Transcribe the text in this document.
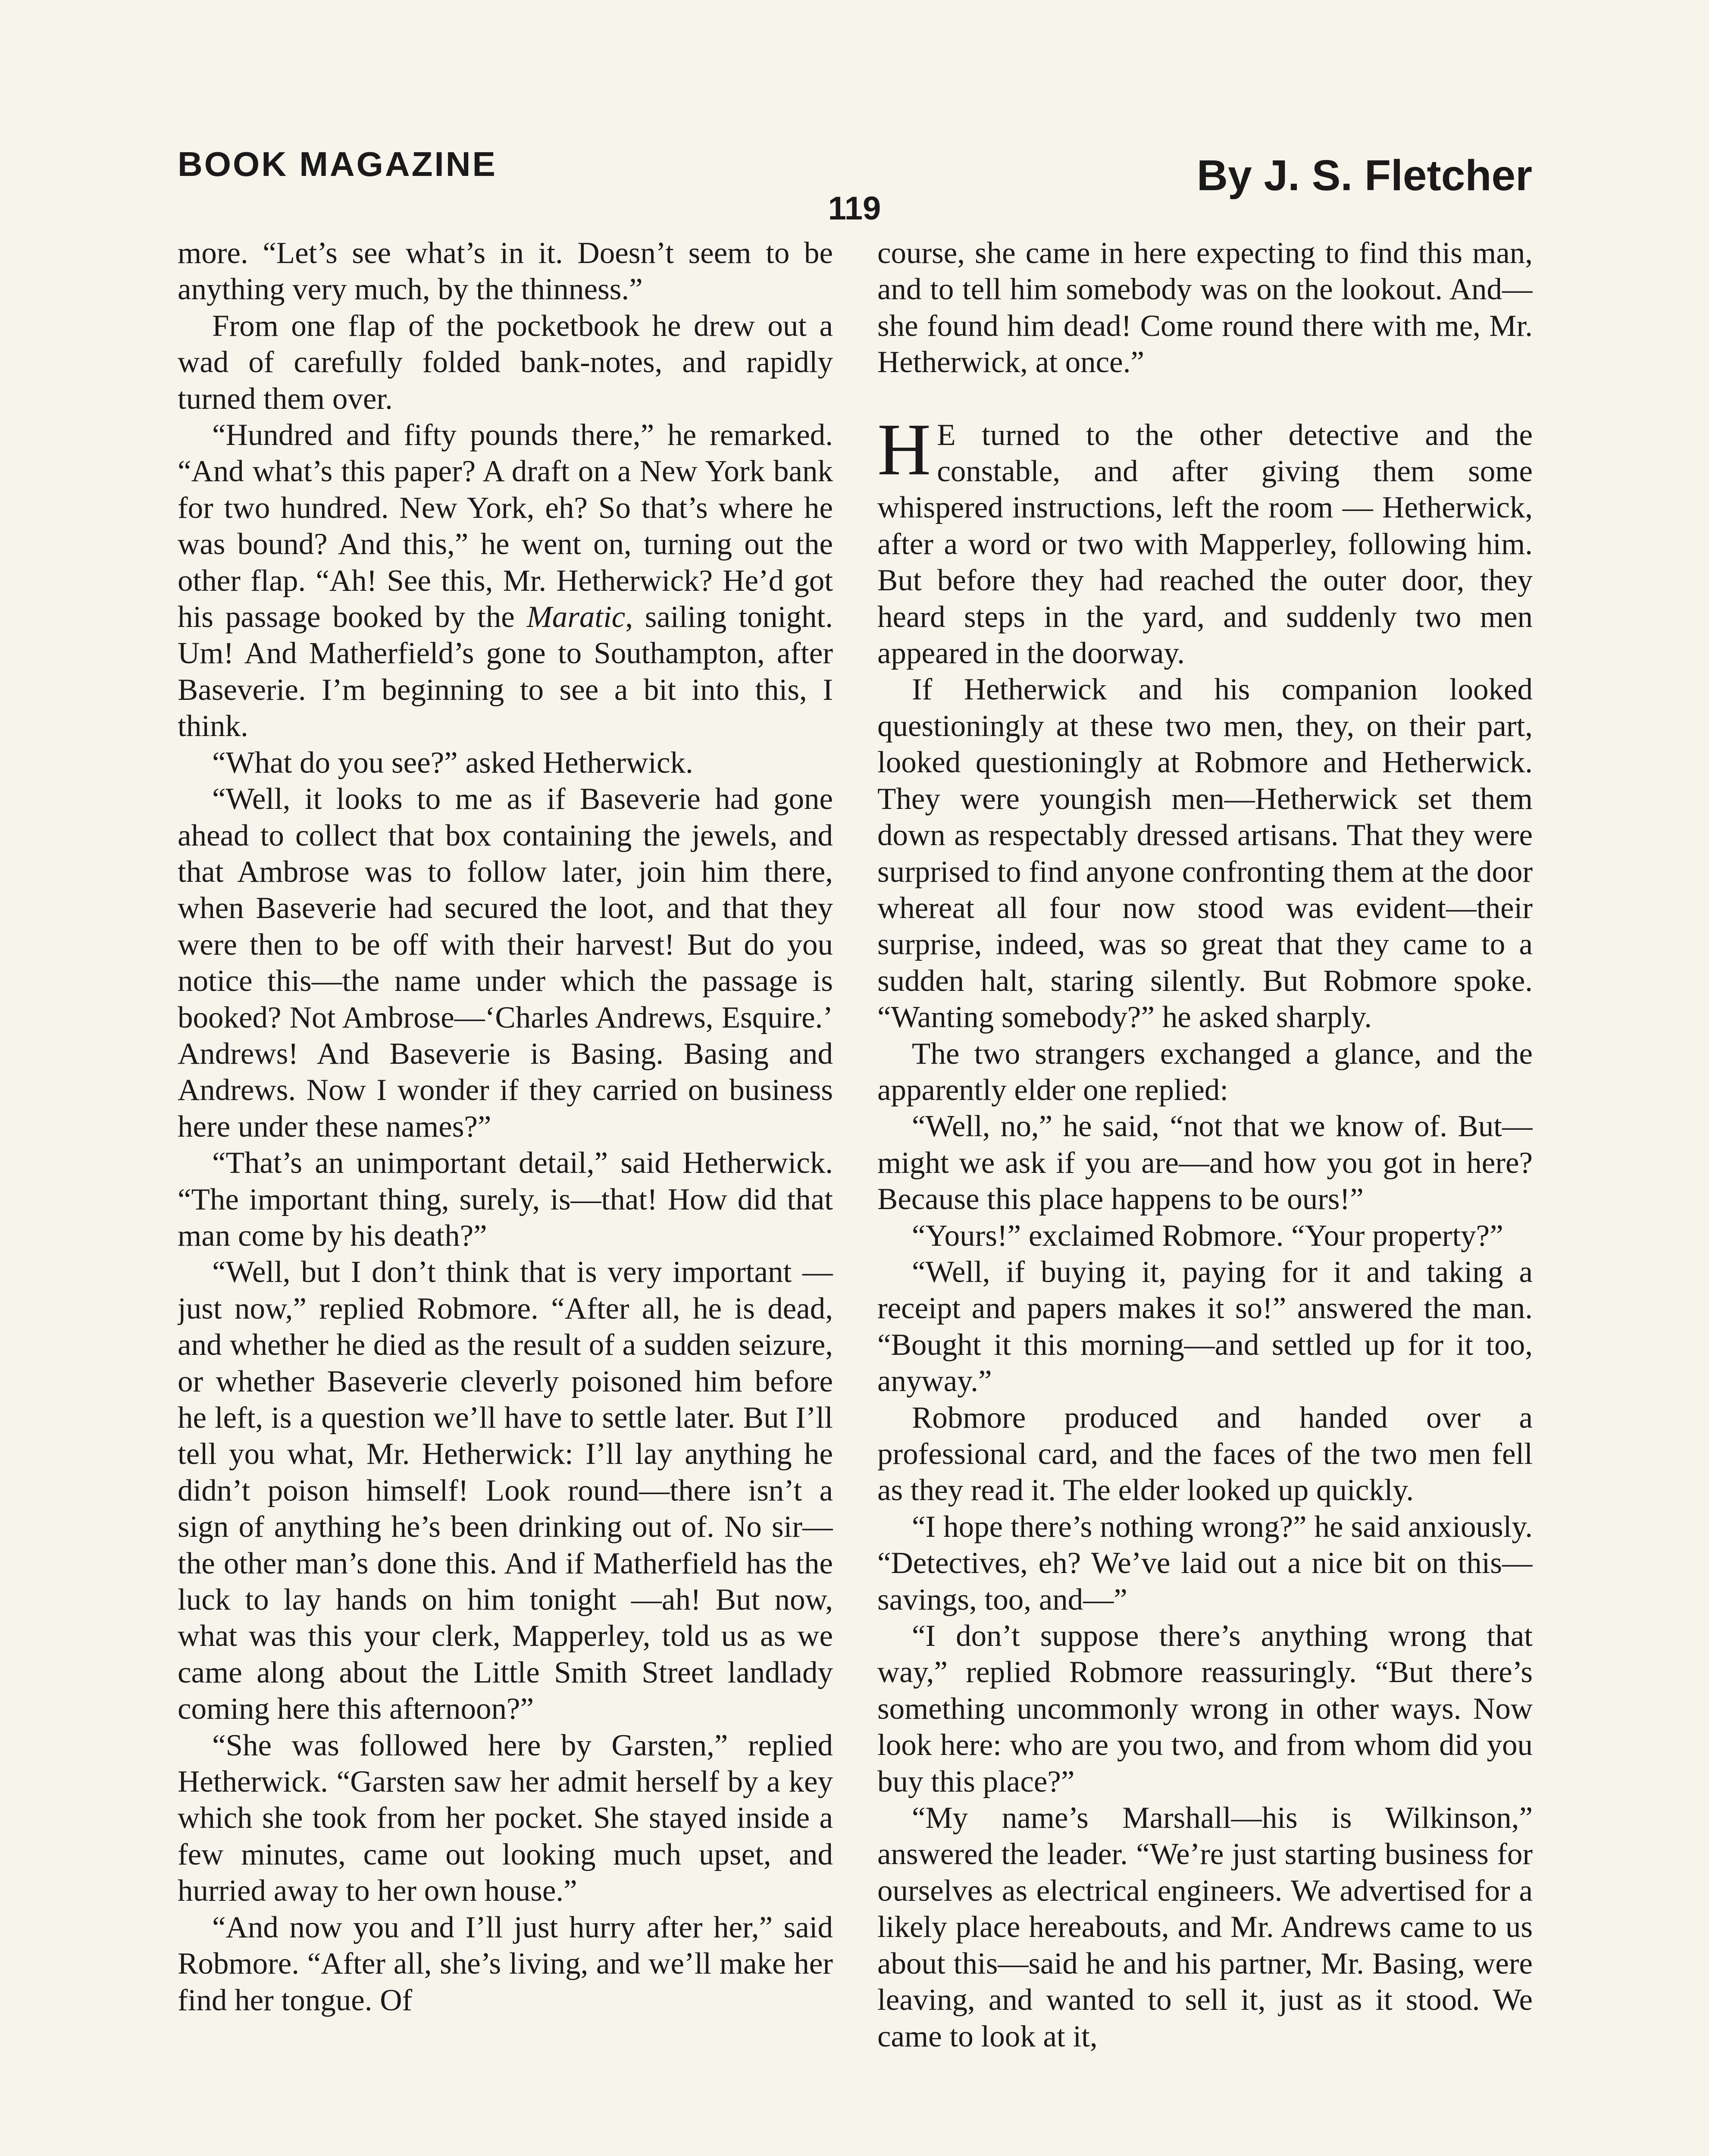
BOOK MAGAZINE	By J. S. Fletcher
119

more. “Let’s see what’s in it. Doesn’t seem to be anything very much, by the thinness.”

From one flap of the pocketbook he drew out a wad of carefully folded bank-notes, and rapidly turned them over.

“Hundred and fifty pounds there,” he remarked. “And what’s this paper? A draft on a New York bank for two hundred. New York, eh? So that’s where he was bound? And this,” he went on, turning out the other flap. “Ah! See this, Mr. Hetherwick? He’d got his passage booked by the Maratic, sailing tonight. Um! And Matherfield’s gone to Southampton, after Baseverie. I’m beginning to see a bit into this, I think.

“What do you see?” asked Hetherwick.

“Well, it looks to me as if Baseverie had gone ahead to collect that box containing the jewels, and that Ambrose was to follow later, join him there, when Baseverie had secured the loot, and that they were then to be off with their harvest! But do you notice this—the name under which the passage is booked? Not Ambrose—‘Charles Andrews, Esquire.’ Andrews! And Baseverie is Basing. Basing and Andrews. Now I wonder if they carried on business here under these names?”

“That’s an unimportant detail,” said Hetherwick. “The important thing, surely, is—that! How did that man come by his death?”

“Well, but I don’t think that is very important — just now,” replied Robmore. “After all, he is dead, and whether he died as the result of a sudden seizure, or whether Baseverie cleverly poisoned him before he left, is a question we’ll have to settle later. But I’ll tell you what, Mr. Hetherwick: I’ll lay anything he didn’t poison himself! Look round—there isn’t a sign of anything he’s been drinking out of. No sir—the other man’s done this. And if Matherfield has the luck to lay hands on him tonight —ah! But now, what was this your clerk, Mapperley, told us as we came along about the Little Smith Street landlady coming here this afternoon?”

“She was followed here by Garsten,” replied Hetherwick. “Garsten saw her admit herself by a key which she took from her pocket. She stayed inside a few minutes, came out looking much upset, and hurried away to her own house.”

“And now you and I’ll just hurry after her,” said Robmore. “After all, she’s living, and we’ll make her find her tongue. Of

course, she came in here expecting to find this man, and to tell him somebody was on the lookout. And—she found him dead! Come round there with me, Mr. Hetherwick, at once.”

H E turned to the other detective and the constable, and after giving them some whispered instructions, left the room — Hetherwick, after a word or two with Mapperley, following him. But before they had reached the outer door, they heard steps in the yard, and suddenly two men appeared in the doorway.

If Hetherwick and his companion looked questioningly at these two men, they, on their part, looked questioningly at Robmore and Hetherwick. They were youngish men—Hetherwick set them down as respectably dressed artisans. That they were surprised to find anyone confronting them at the door whereat all four now stood was evident—their surprise, indeed, was so great that they came to a sudden halt, staring silently. But Robmore spoke. “Wanting somebody?” he asked sharply.

The two strangers exchanged a glance, and the apparently elder one replied:

“Well, no,” he said, “not that we know of. But—might we ask if you are—and how you got in here? Because this place happens to be ours!”

“Yours!” exclaimed Robmore. “Your property?”

“Well, if buying it, paying for it and taking a receipt and papers makes it so!” answered the man. “Bought it this morning—and settled up for it too, anyway.”

Robmore produced and handed over a professional card, and the faces of the two men fell as they read it. The elder looked up quickly.

“I hope there’s nothing wrong?” he said anxiously. “Detectives, eh? We’ve laid out a nice bit on this—savings, too, and—”

“I don’t suppose there’s anything wrong that way,” replied Robmore reassuringly. “But there’s something uncommonly wrong in other ways. Now look here: who are you two, and from whom did you buy this place?”

“My name’s Marshall—his is Wilkinson,” answered the leader. “We’re just starting business for ourselves as electrical engineers. We advertised for a likely place hereabouts, and Mr. Andrews came to us about this—said he and his partner, Mr. Basing, were leaving, and wanted to sell it, just as it stood. We came to look at it,
